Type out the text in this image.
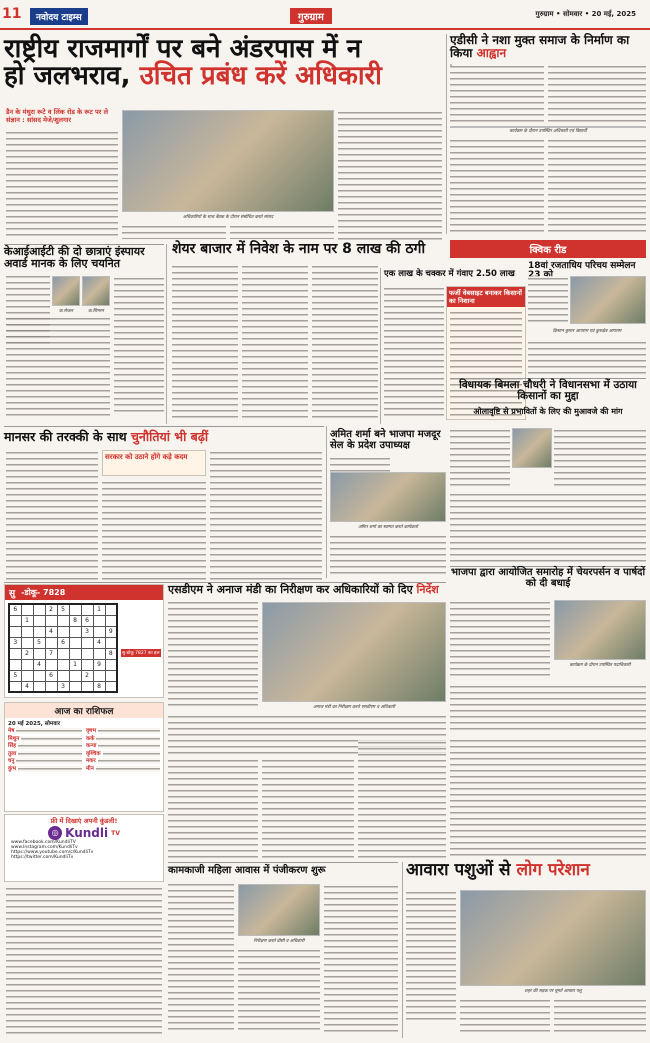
11	नवोदय टाइम्स	गुरुग्राम	गुरुग्राम • सोमवार • 20 मई, 2025
राष्ट्रीय राजमार्गों पर बने अंडरपास में न
हो जलभराव, उचित प्रबंध करें अधिकारी
डैन के मंथुरा रूटे व लिंक रोड के रूट पर ले संज्ञान : सांसद मेजे/शुलगार
अधिकारियों के साथ बैठक के दौरान संबोधित करते सांसद
एडीसी ने नशा मुक्त समाज के निर्माण का किया आह्वान
कार्यक्रम के दौरान उपस्थित अधिकारी एवं विद्यार्थी
केआईआईटी की दो छात्राएं इंस्पायर अवार्ड मानक के लिए चयनित
क.सेजल	क.सिमरन
शेयर बाजार में निवेश के नाम पर 8 लाख की ठगी
एक लाख के चक्कर में गंवाए 2.50 लाख
फर्जी वेबसाइट बनाकर किसानों का निशाना
क्विक रीड
18वां रजताधिय परिचय सम्मेलन
किसान कुमार आयराम एवं कुरुक्षेत्र आयराम
विधायक बिमला चौधरी ने विधानसभा में उठाया किसानों का मुद्दा
ओलावृष्टि से प्रभावितों के लिए की मुआवजे की मांग
मानसर की तरक्की के साथ चुनौतियां भी बढ़ीं
सरकार को उठाने होंगे कड़े कदम
अमित शर्मा बने भाजपा मजदूर सेल के प्रदेश उपाध्यक्ष
अमित शर्मा का स्वागत करते कार्यकर्ता
भाजपा द्वारा आयोजित समारोह में चेयरपर्सन व पार्षदों को दी बधाई
कार्यक्रम के दौरान उपस्थित पदाधिकारी
एसडीएम ने अनाज मंडी का निरीक्षण कर अधिकारियों को दिए निर्देश
अनाज मंडी का निरीक्षण करते एसडीएम व अधिकारी
सु -डोकू- 7828
6			2	5			1	
	1				8	6		
			4			3		9
3		5		6			4	
	2		7					8
		4			1		9	
5			6			2		
	4			3			8	
सु-डोकू 7827 का हल
आज का राशिफल
20 मई 2025, सोमवार
मेष	वृषभ
मिथुन	कर्क
सिंह	कन्या
तुला	वृश्चिक
धनु	मकर
कुंभ	मीन
फ्री में दिखाएं अपनी कुंडली!
◎ Kundli TV
www.facebook.com/KundliTV
www.Instagram.com/KundliTv
https://www.youtube.com/c/KundliTv
https://twitter.com/KundliTv
कामकाजी महिला आवास में पंजीकरण शुरू
निरीक्षण करते डीसी व अधिकारी
आवारा पशुओं से लोग परेशान
शहर की सड़क पर घूमते आवारा पशु
